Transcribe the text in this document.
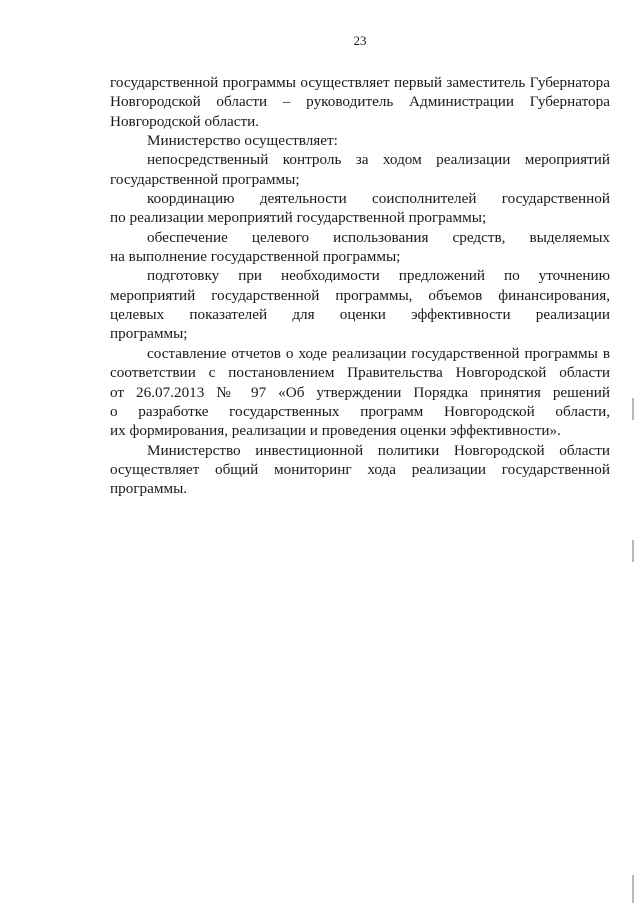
23
государственной программы осуществляет первый заместитель Губернатора
Новгородской области – руководитель Администрации Губернатора
Новгородской области.
Министерство осуществляет:
непосредственный контроль за ходом реализации мероприятий
государственной программы;
координацию деятельности соисполнителей государственной
по реализации мероприятий государственной программы;
обеспечение целевого использования средств, выделяемых
на выполнение государственной программы;
подготовку при необходимости предложений по уточнению
мероприятий государственной программы, объемов финансирования,
целевых показателей для оценки эффективности реализации
программы;
составление отчетов о ходе реализации государственной программы в
соответствии с постановлением Правительства Новгородской области
от 26.07.2013 № 97 «Об утверждении Порядка принятия решений
о разработке государственных программ Новгородской области,
их формирования, реализации и проведения оценки эффективности».
Министерство инвестиционной политики Новгородской области
осуществляет общий мониторинг хода реализации государственной
программы.
